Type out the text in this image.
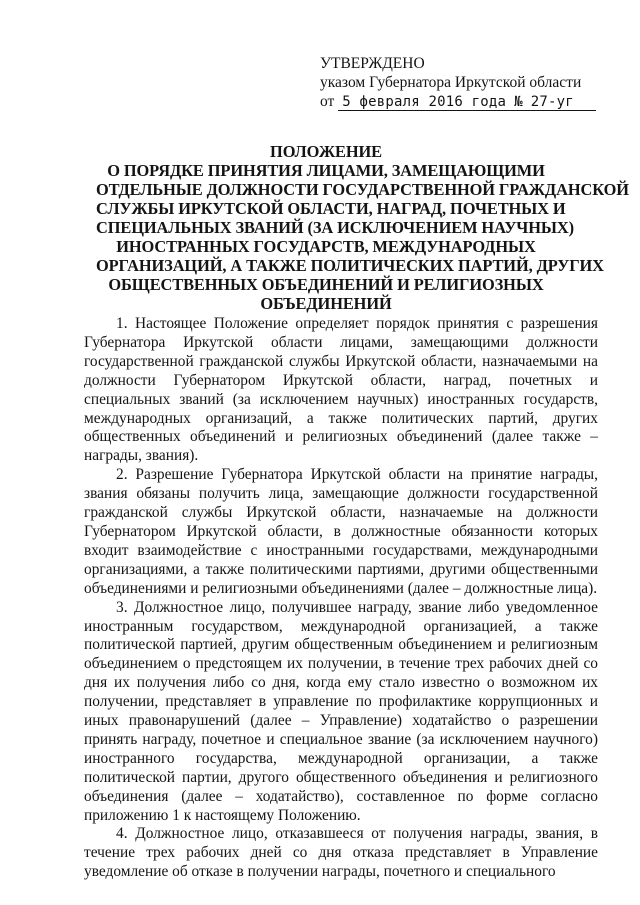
УТВЕРЖДЕНО
указом Губернатора Иркутской области
от 5 февраля 2016 года № 27-уг
ПОЛОЖЕНИЕ
О ПОРЯДКЕ ПРИНЯТИЯ ЛИЦАМИ, ЗАМЕЩАЮЩИМИ
ОТДЕЛЬНЫЕ ДОЛЖНОСТИ ГОСУДАРСТВЕННОЙ ГРАЖДАНСКОЙ
СЛУЖБЫ ИРКУТСКОЙ ОБЛАСТИ, НАГРАД, ПОЧЕТНЫХ И
СПЕЦИАЛЬНЫХ ЗВАНИЙ (ЗА ИСКЛЮЧЕНИЕМ НАУЧНЫХ)
ИНОСТРАННЫХ ГОСУДАРСТВ, МЕЖДУНАРОДНЫХ
ОРГАНИЗАЦИЙ, А ТАКЖЕ ПОЛИТИЧЕСКИХ ПАРТИЙ, ДРУГИХ
ОБЩЕСТВЕННЫХ ОБЪЕДИНЕНИЙ И РЕЛИГИОЗНЫХ
ОБЪЕДИНЕНИЙ

1. Настоящее Положение определяет порядок принятия с разрешения Губернатора Иркутской области лицами, замещающими должности государственной гражданской службы Иркутской области, назначаемыми на должности Губернатором Иркутской области, наград, почетных и специальных званий (за исключением научных) иностранных государств, международных организаций, а также политических партий, других общественных объединений и религиозных объединений (далее также – награды, звания).

2. Разрешение Губернатора Иркутской области на принятие награды, звания обязаны получить лица, замещающие должности государственной гражданской службы Иркутской области, назначаемые на должности Губернатором Иркутской области, в должностные обязанности которых входит взаимодействие с иностранными государствами, международными организациями, а также политическими партиями, другими общественными объединениями и религиозными объединениями (далее – должностные лица).

3. Должностное лицо, получившее награду, звание либо уведомленное иностранным государством, международной организацией, а также политической партией, другим общественным объединением и религиозным объединением о предстоящем их получении, в течение трех рабочих дней со дня их получения либо со дня, когда ему стало известно о возможном их получении, представляет в управление по профилактике коррупционных и иных правонарушений (далее – Управление) ходатайство о разрешении принять награду, почетное и специальное звание (за исключением научного) иностранного государства, международной организации, а также политической партии, другого общественного объединения и религиозного объединения (далее – ходатайство), составленное по форме согласно приложению 1 к настоящему Положению.

4. Должностное лицо, отказавшееся от получения награды, звания, в течение трех рабочих дней со дня отказа представляет в Управление уведомление об отказе в получении награды, почетного и специального
